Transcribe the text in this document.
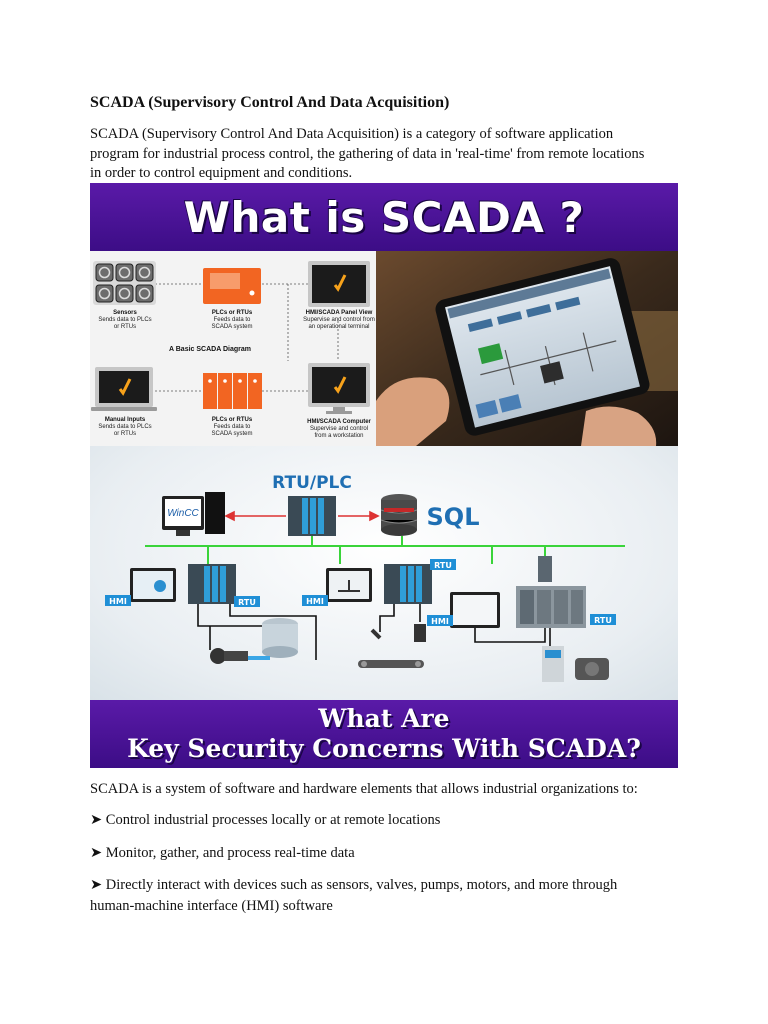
SCADA (Supervisory Control And Data Acquisition)
SCADA (Supervisory Control And Data Acquisition) is a category of software application
program for industrial process control, the gathering of data in 'real-time' from remote locations
in order to control equipment and conditions.
What is SCADA ?
Sensors
Sends data to PLCs
or RTUs
PLCs or RTUs
Feeds data to
SCADA system
HMI/SCADA Panel View
Supervise and control from
an operational terminal
A Basic SCADA Diagram
Manual Inputs
Sends data to PLCs
or RTUs
PLCs or RTUs
Feeds data to
SCADA system
HMI/SCADA Computer
Supervise and control
from a workstation
RTU/PLC
WinCC	SQL
HMI	RTU	HMI
RTU
HMI	RTU
What Are
Key Security Concerns With SCADA?
SCADA is a system of software and hardware elements that allows industrial organizations to:
➤ Control industrial processes locally or at remote locations
➤ Monitor, gather, and process real-time data
➤ Directly interact with devices such as sensors, valves, pumps, motors, and more through
human-machine interface (HMI) software
